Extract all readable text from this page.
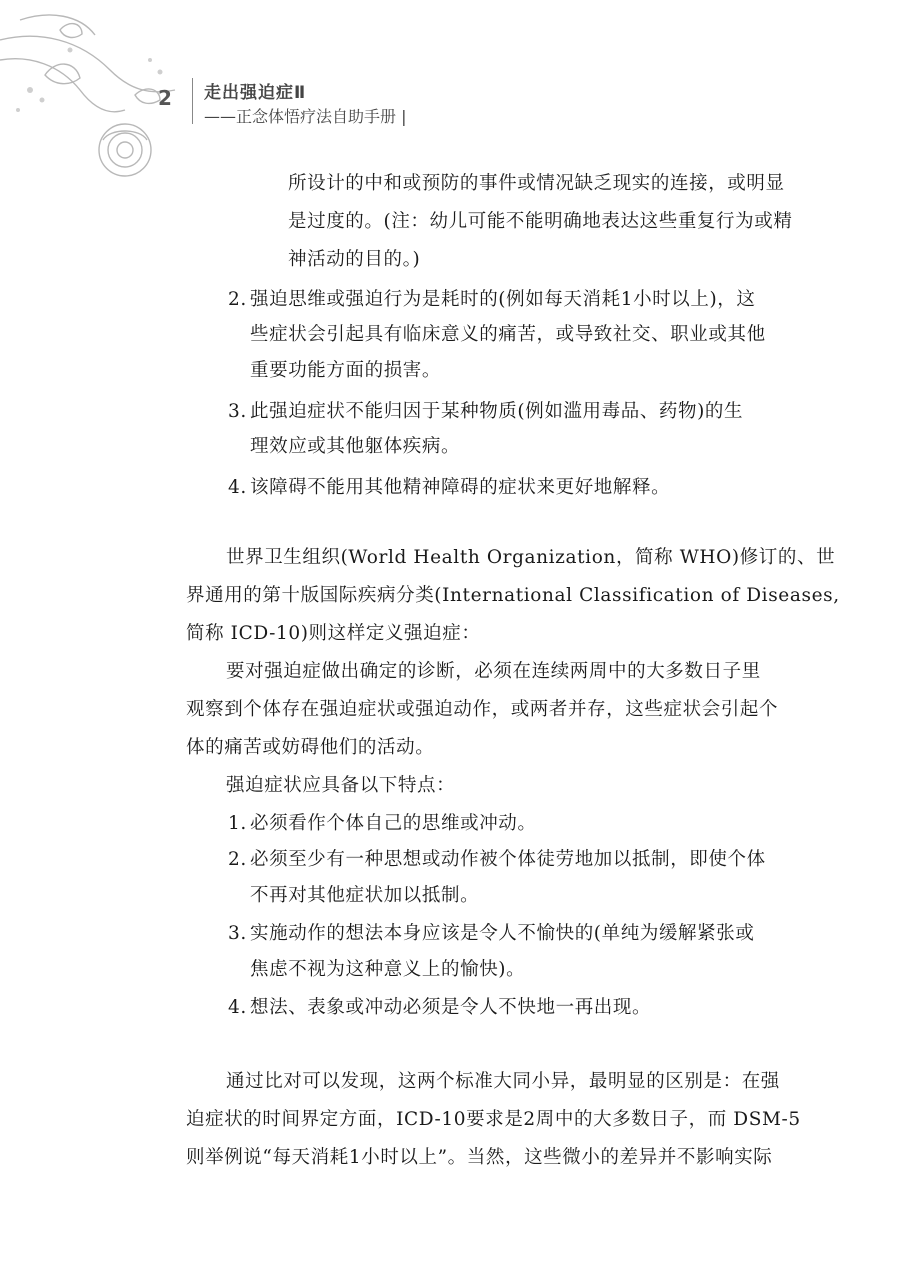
2	走出强迫症Ⅱ
——正念体悟疗法自助手册 |
所设计的中和或预防的事件或情况缺乏现实的连接，或明显
是过度的。(注：幼儿可能不能明确地表达这些重复行为或精
神活动的目的。)
2. 强迫思维或强迫行为是耗时的(例如每天消耗1小时以上)，这
些症状会引起具有临床意义的痛苦，或导致社交、职业或其他
重要功能方面的损害。
3. 此强迫症状不能归因于某种物质(例如滥用毒品、药物)的生
理效应或其他躯体疾病。
4. 该障碍不能用其他精神障碍的症状来更好地解释。
世界卫生组织(World Health Organization，简称 WHO)修订的、世
界通用的第十版国际疾病分类(International Classification of Diseases,
简称 ICD-10)则这样定义强迫症：
要对强迫症做出确定的诊断，必须在连续两周中的大多数日子里
观察到个体存在强迫症状或强迫动作，或两者并存，这些症状会引起个
体的痛苦或妨碍他们的活动。
强迫症状应具备以下特点：
1. 必须看作个体自己的思维或冲动。
2. 必须至少有一种思想或动作被个体徒劳地加以抵制，即使个体
不再对其他症状加以抵制。
3. 实施动作的想法本身应该是令人不愉快的(单纯为缓解紧张或
焦虑不视为这种意义上的愉快)。
4. 想法、表象或冲动必须是令人不快地一再出现。
通过比对可以发现，这两个标准大同小异，最明显的区别是：在强
迫症状的时间界定方面，ICD-10要求是2周中的大多数日子，而 DSM-5
则举例说“每天消耗1小时以上”。当然，这些微小的差异并不影响实际
